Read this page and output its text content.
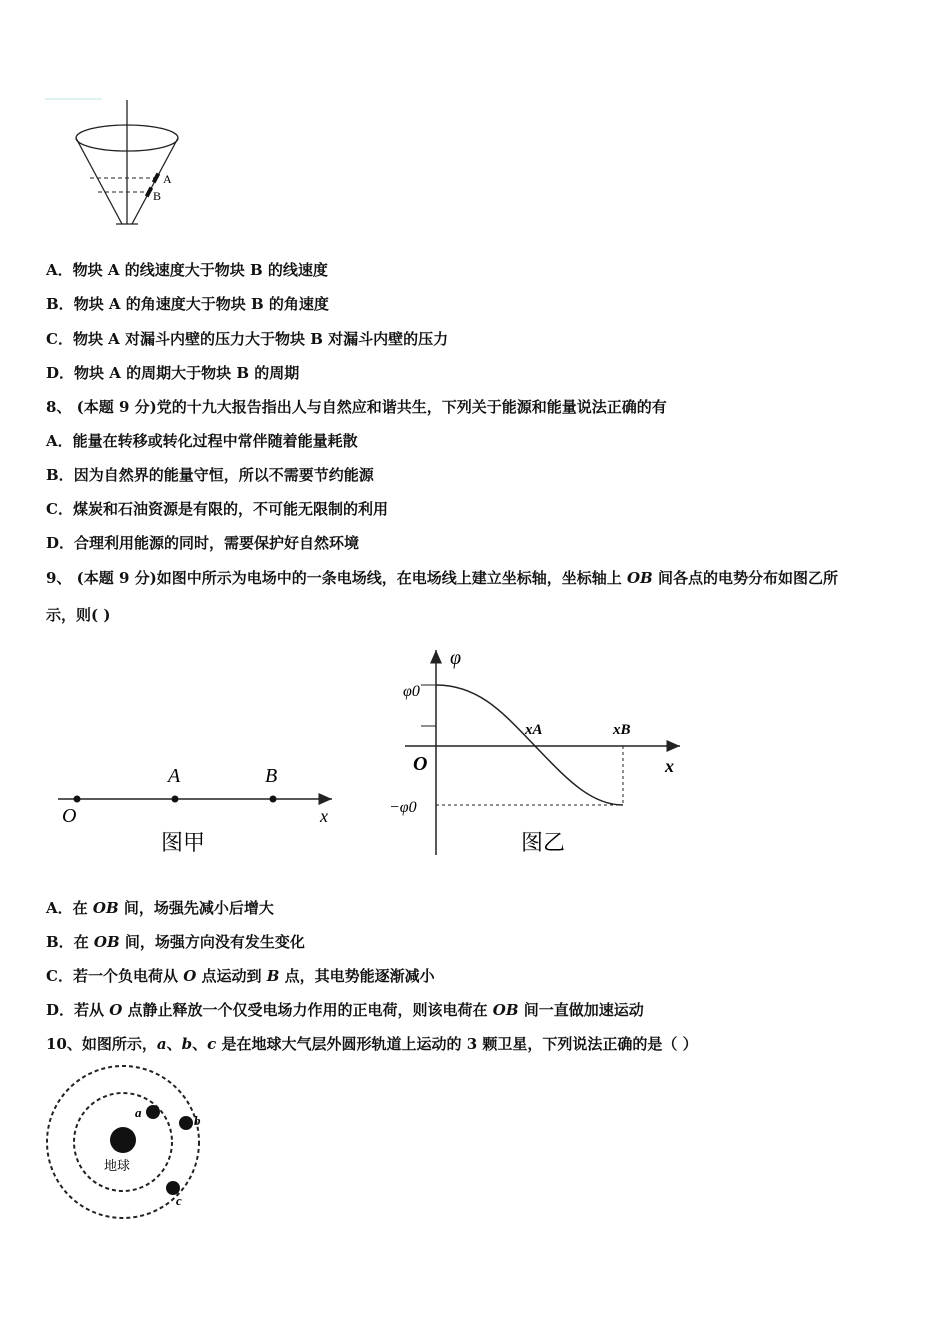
A
B
A．物块 A 的线速度大于物块 B 的线速度
B．物块 A 的角速度大于物块 B 的角速度
C．物块 A 对漏斗内壁的压力大于物块 B 对漏斗内壁的压力
D．物块 A 的周期大于物块 B 的周期
8、 (本题 9 分)党的十九大报告指出人与自然应和谐共生，下列关于能源和能量说法正确的有
A．能量在转移或转化过程中常伴随着能量耗散
B．因为自然界的能量守恒，所以不需要节约能源
C．煤炭和石油资源是有限的，不可能无限制的利用
D．合理利用能源的同时，需要保护好自然环境
9、 (本题 9 分)如图中所示为电场中的一条电场线，在电场线上建立坐标轴，坐标轴上 OB 间各点的电势分布如图乙所
示，则( )
O
A	B
x
图甲
φ
φ0
O
xA	xB
x
−φ0
图乙
A．在 OB 间，场强先减小后增大
B．在 OB 间，场强方向没有发生变化
C．若一个负电荷从 O 点运动到 B 点，其电势能逐渐减小
D．若从 O 点静止释放一个仅受电场力作用的正电荷，则该电荷在 OB 间一直做加速运动
10、如图所示，a、b、c 是在地球大气层外圆形轨道上运动的 3 颗卫星，下列说法正确的是（ ）
地球
a
b
c
